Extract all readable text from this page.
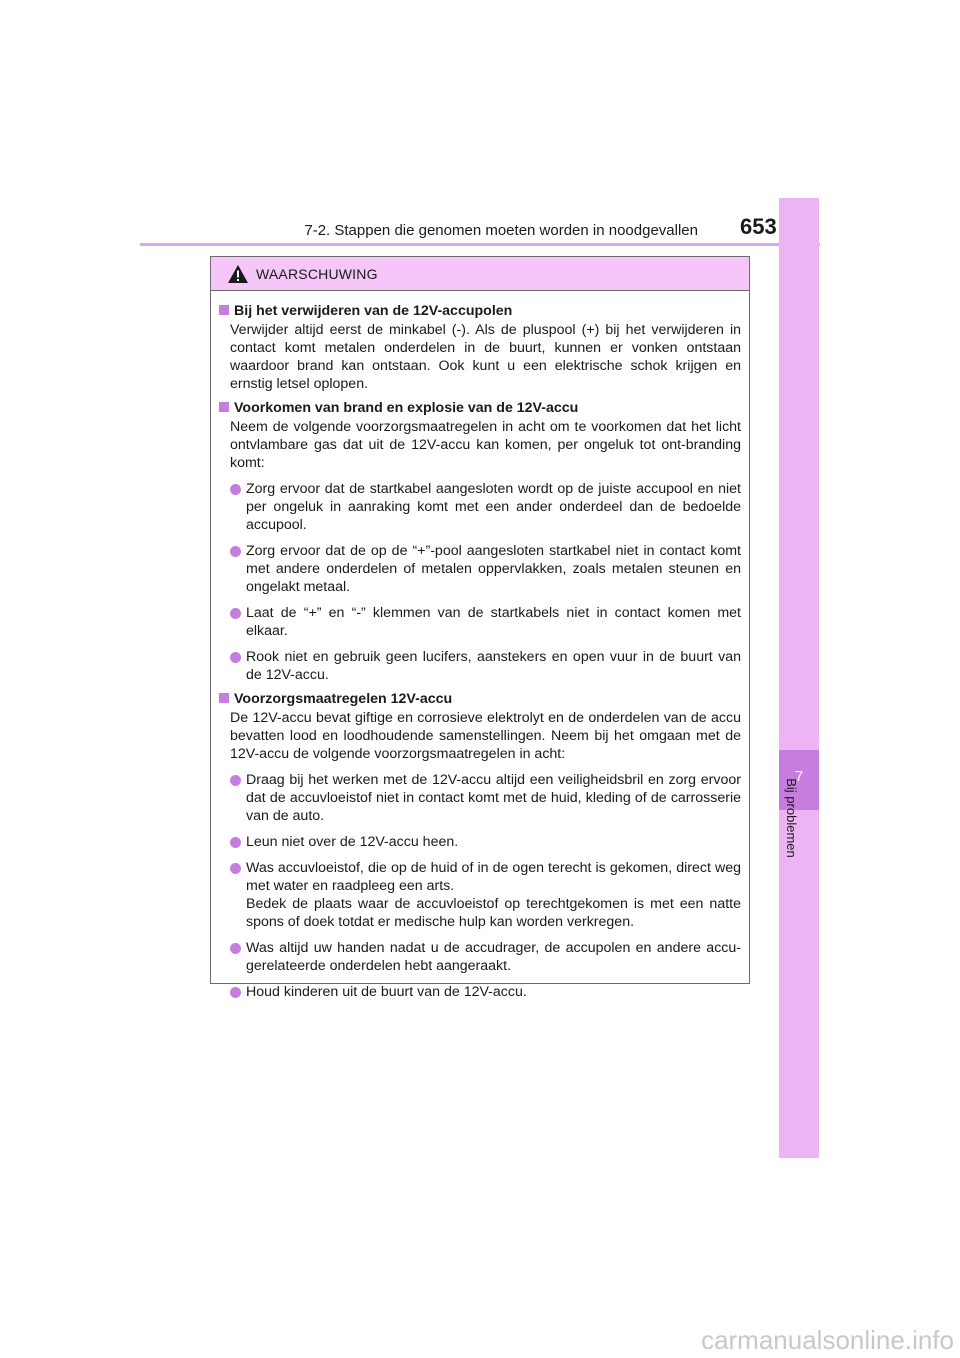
7-2. Stappen die genomen moeten worden in noodgevallen 653
7
Bij problemen
WAARSCHUWING
Bij het verwijderen van de 12V-accupolen
Verwijder altijd eerst de minkabel (-). Als de pluspool (+) bij het verwijderen in contact komt metalen onderdelen in de buurt, kunnen er vonken ontstaan waardoor brand kan ontstaan. Ook kunt u een elektrische schok krijgen en ernstig letsel oplopen.
Voorkomen van brand en explosie van de 12V-accu
Neem de volgende voorzorgsmaatregelen in acht om te voorkomen dat het licht ontvlambare gas dat uit de 12V-accu kan komen, per ongeluk tot ont-branding komt:
Zorg ervoor dat de startkabel aangesloten wordt op de juiste accupool en niet per ongeluk in aanraking komt met een ander onderdeel dan de bedoelde accupool.
Zorg ervoor dat de op de “+”-pool aangesloten startkabel niet in contact komt met andere onderdelen of metalen oppervlakken, zoals metalen steunen en ongelakt metaal.
Laat de “+” en “-” klemmen van de startkabels niet in contact komen met elkaar.
Rook niet en gebruik geen lucifers, aanstekers en open vuur in de buurt van de 12V-accu.
Voorzorgsmaatregelen 12V-accu
De 12V-accu bevat giftige en corrosieve elektrolyt en de onderdelen van de accu bevatten lood en loodhoudende samenstellingen. Neem bij het omgaan met de 12V-accu de volgende voorzorgsmaatregelen in acht:
Draag bij het werken met de 12V-accu altijd een veiligheidsbril en zorg ervoor dat de accuvloeistof niet in contact komt met de huid, kleding of de carrosserie van de auto.
Leun niet over de 12V-accu heen.
Was accuvloeistof, die op de huid of in de ogen terecht is gekomen, direct weg met water en raadpleeg een arts.
Bedek de plaats waar de accuvloeistof op terechtgekomen is met een natte spons of doek totdat er medische hulp kan worden verkregen.
Was altijd uw handen nadat u de accudrager, de accupolen en andere accu-gerelateerde onderdelen hebt aangeraakt.
Houd kinderen uit de buurt van de 12V-accu.
carmanualsonline.info
